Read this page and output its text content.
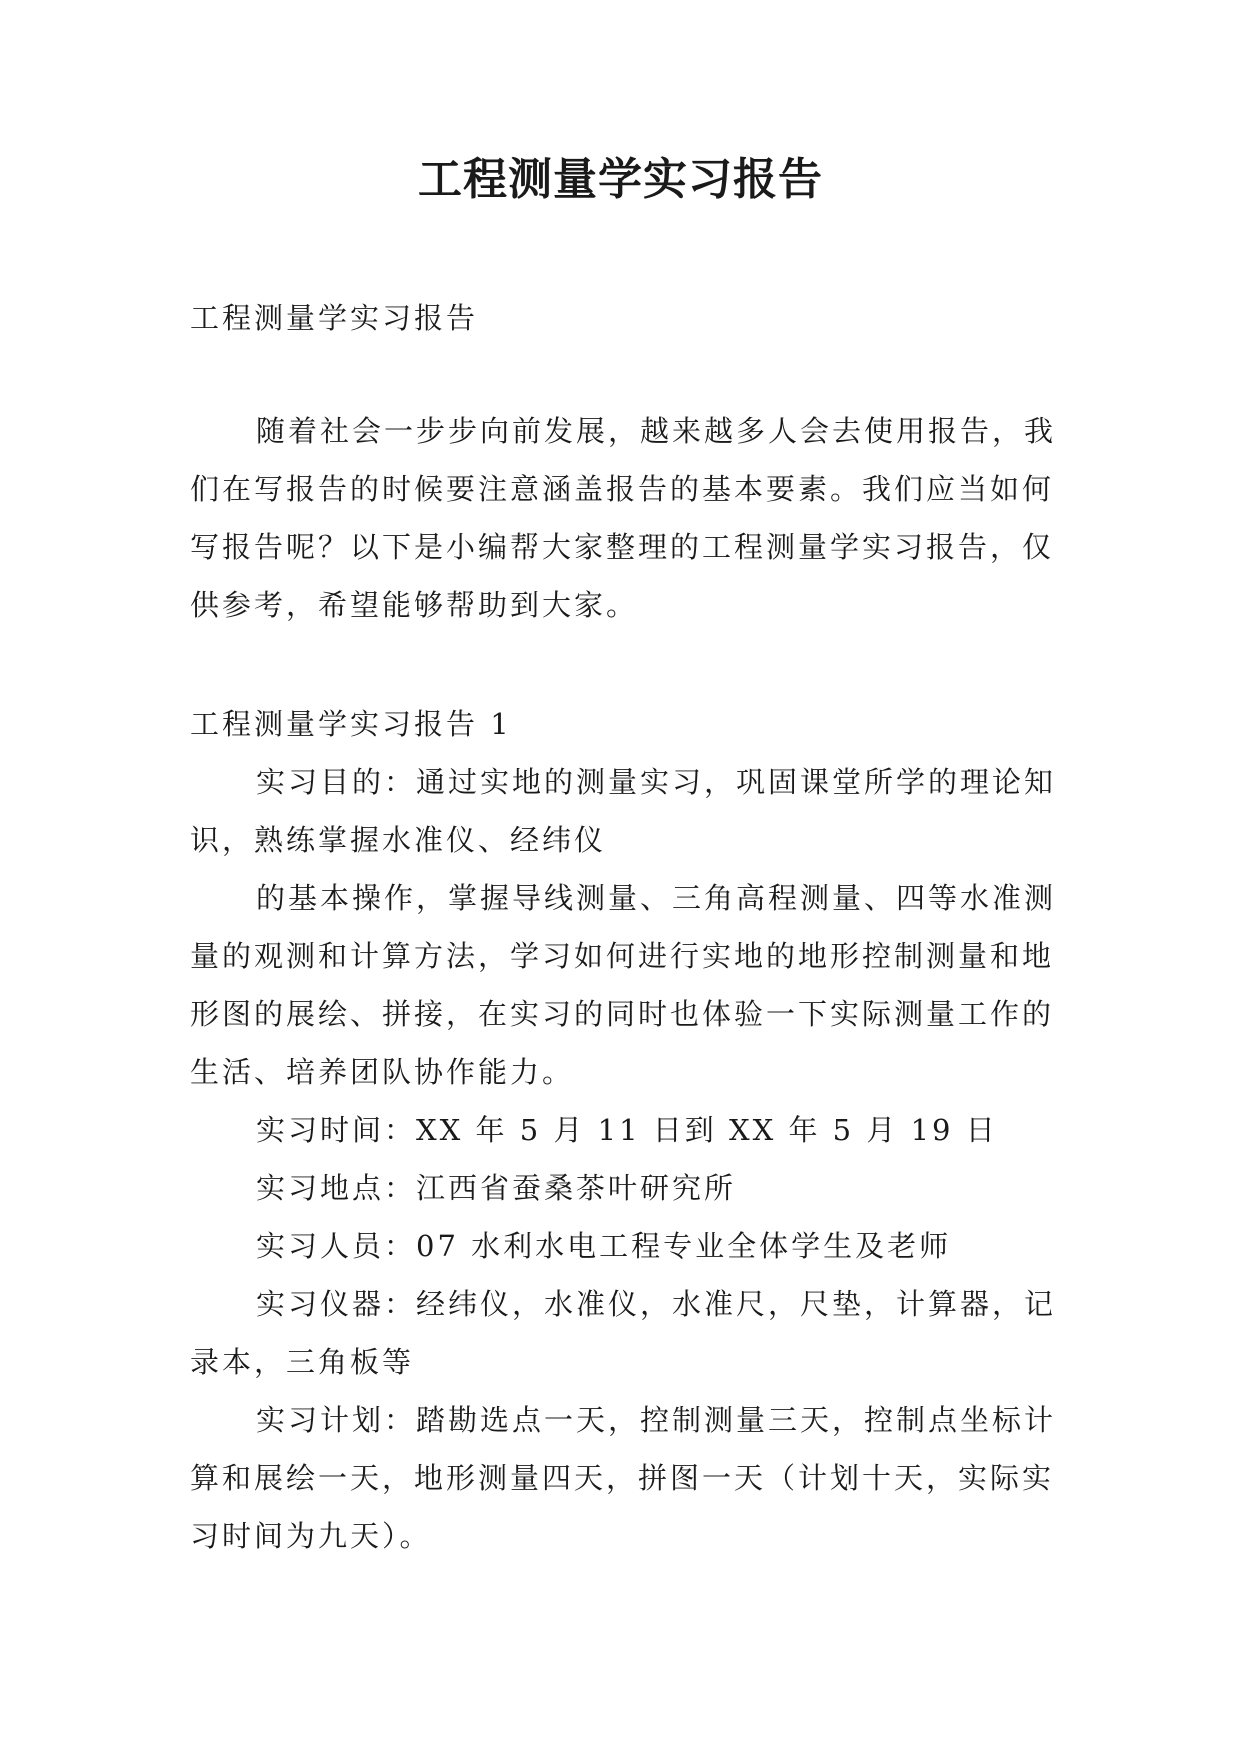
工程测量学实习报告

工程测量学实习报告

随着社会一步步向前发展，越来越多人会去使用报告，我们在写报告的时候要注意涵盖报告的基本要素。我们应当如何写报告呢？以下是小编帮大家整理的工程测量学实习报告，仅供参考，希望能够帮助到大家。

工程测量学实习报告 1

实习目的：通过实地的测量实习，巩固课堂所学的理论知识，熟练掌握水准仪、经纬仪

的基本操作，掌握导线测量、三角高程测量、四等水准测量的观测和计算方法，学习如何进行实地的地形控制测量和地形图的展绘、拼接，在实习的同时也体验一下实际测量工作的生活、培养团队协作能力。

实习时间：XX 年 5 月 11 日到 XX 年 5 月 19 日

实习地点：江西省蚕桑茶叶研究所

实习人员：07 水利水电工程专业全体学生及老师

实习仪器：经纬仪，水准仪，水准尺，尺垫，计算器，记录本，三角板等

实习计划：踏勘选点一天，控制测量三天，控制点坐标计算和展绘一天，地形测量四天，拼图一天（计划十天，实际实习时间为九天）。
